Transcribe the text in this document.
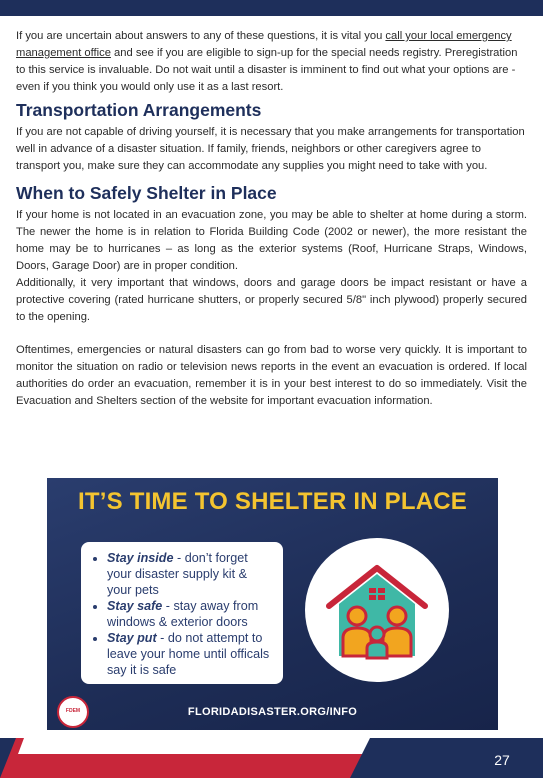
If you are uncertain about answers to any of these questions, it is vital you call your local emergency management office and see if you are eligible to sign-up for the special needs registry. Preregistration to this service is invaluable. Do not wait until a disaster is imminent to find out what your options are - even if you think you would only use it as a last resort.

Transportation Arrangements

If you are not capable of driving yourself, it is necessary that you make arrangements for transportation well in advance of a disaster situation. If family, friends, neighbors or other caregivers agree to transport you, make sure they can accommodate any supplies you might need to take with you.

When to Safely Shelter in Place

If your home is not located in an evacuation zone, you may be able to shelter at home during a storm. The newer the home is in relation to Florida Building Code (2002 or newer), the more resistant the home may be to hurricanes – as long as the exterior systems (Roof, Hurricane Straps, Windows, Doors, Garage Door) are in proper condition.

Additionally, it very important that windows, doors and garage doors be impact resistant or have a protective covering (rated hurricane shutters, or properly secured 5/8" inch plywood) properly secured to the opening.

Oftentimes, emergencies or natural disasters can go from bad to worse very quickly. It is important to monitor the situation on radio or television news reports in the event an evacuation is ordered. If local authorities do order an evacuation, remember it is in your best interest to do so immediately. Visit the Evacuation and Shelters section of the website for important evacuation information.

IT’S TIME TO SHELTER IN PLACE
• Stay inside - don’t forget your disaster supply kit & your pets
• Stay safe - stay away from windows & exterior doors
• Stay put - do not attempt to leave your home until officals say it is safe
FDEM	FLORIDADISASTER.ORG/INFO
27
